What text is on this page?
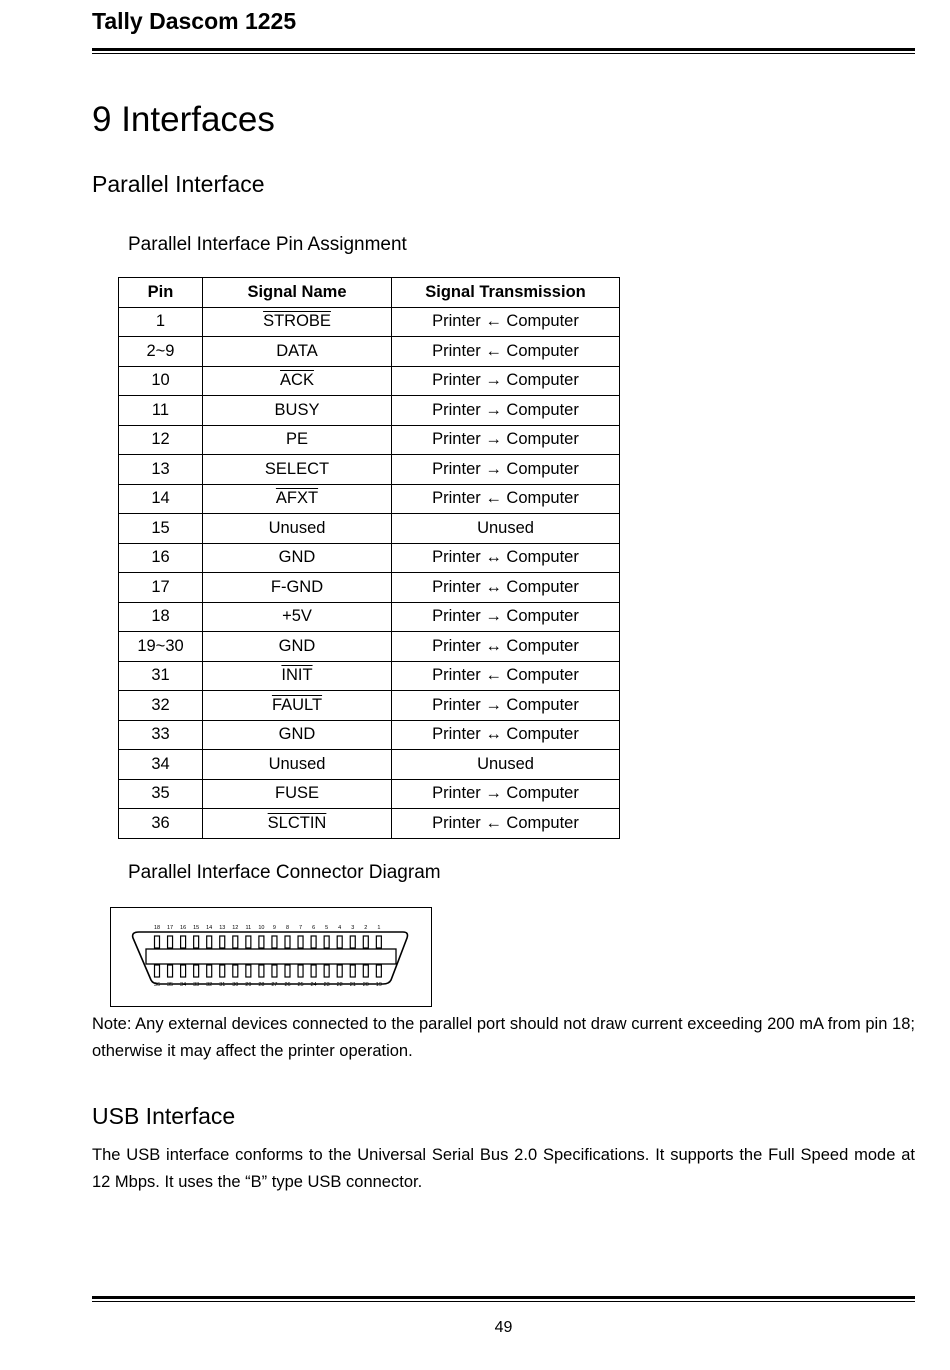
Tally Dascom 1225
9 Interfaces
Parallel Interface
Parallel Interface Pin Assignment
Pin	Signal Name	Signal Transmission
1	STROBE	Printer ← Computer
2~9	DATA	Printer ← Computer
10	$\overline{ACK}$	Printer → Computer
11	BUSY	Printer → Computer
12	PE	Printer → Computer
13	SELECT	Printer → Computer
14	AFXT	Printer ← Computer
15	Unused	Unused
16	GND	Printer ↔ Computer
17	F-GND	Printer ↔ Computer
18	+5V	Printer → Computer
19~30	GND	Printer ↔ Computer
31	INIT	Printer ← Computer
32	FAULT	Printer → Computer
33	GND	Printer ↔ Computer
34	Unused	Unused
35	FUSE	Printer → Computer
36	SLCTIN	Printer ← Computer
Parallel Interface Connector Diagram
18 17 16 15 14 13 12 11 10 9 8 7 6 5 4 3 2 1
36 35 34 33 32 31 30 29 28 27 26 25 24 23 22 21 20 19
Note: Any external devices connected to the parallel port should not draw current exceeding 200 mA from pin 18; otherwise it may affect the printer operation.
USB Interface
The USB interface conforms to the Universal Serial Bus 2.0 Specifications. It supports the Full Speed mode at 12 Mbps. It uses the “B” type USB connector.
49
